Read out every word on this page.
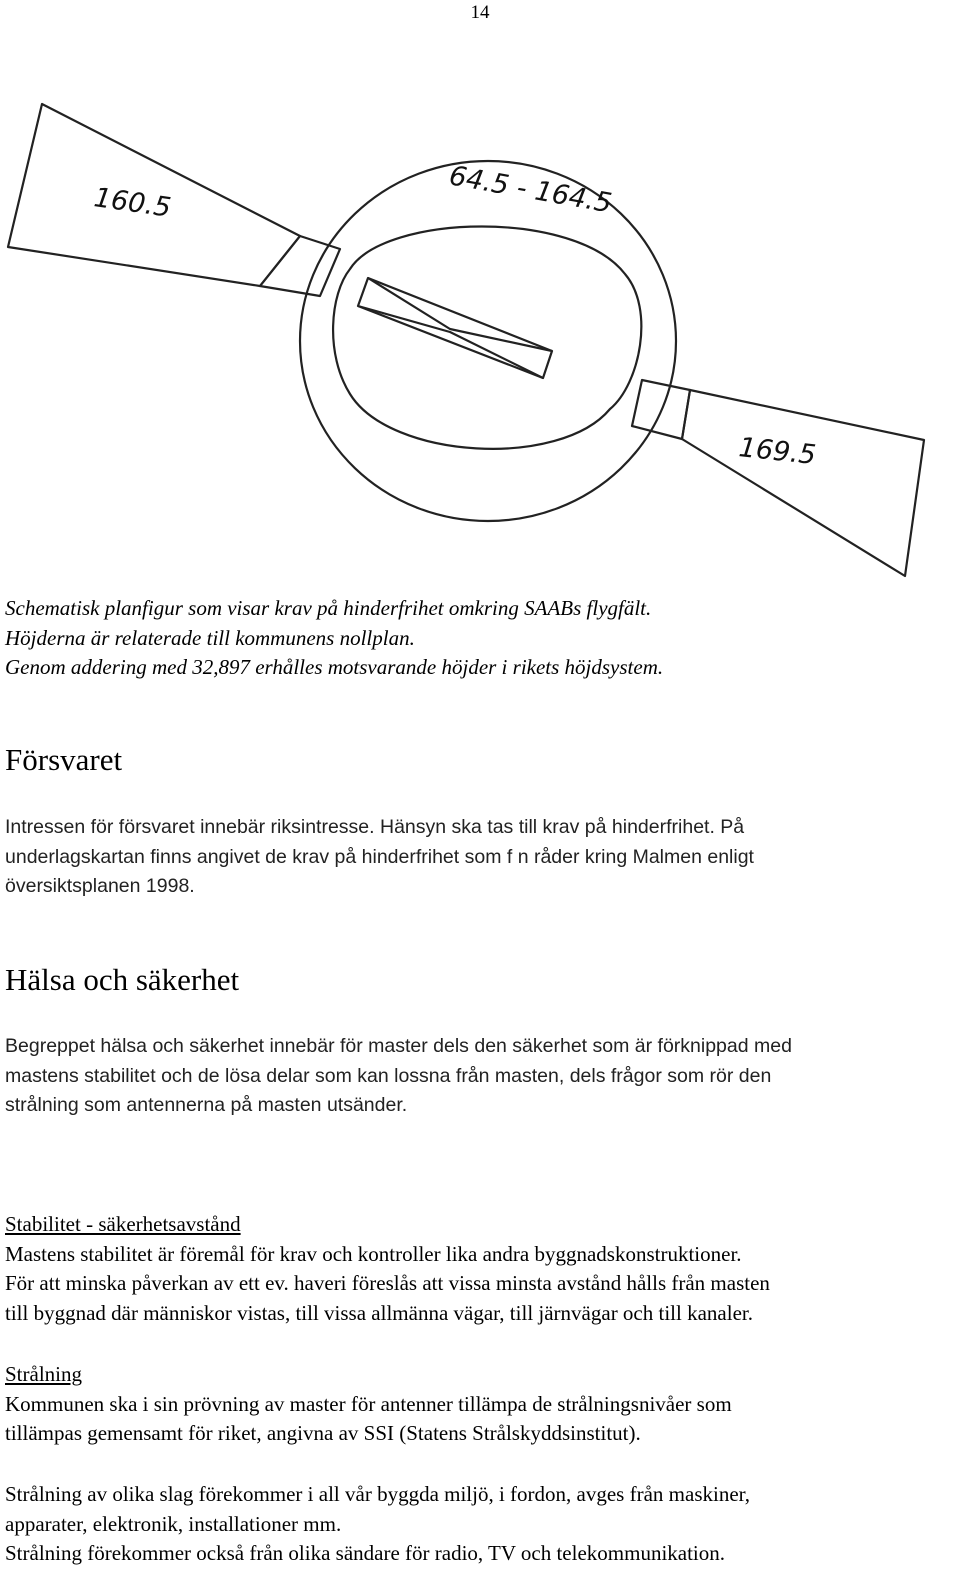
14
160.5	64.5 - 164.5
169.5
Schematisk planfigur som visar krav på hinderfrihet omkring SAABs flygfält.
Höjderna är relaterade till kommunens nollplan.
Genom addering med 32,897 erhålles motsvarande höjder i rikets höjdsystem.
Försvaret
Intressen för försvaret innebär riksintresse. Hänsyn ska tas till krav på hinderfrihet. På
underlagskartan finns angivet de krav på hinderfrihet som f n råder kring Malmen enligt
översiktsplanen 1998.
Hälsa och säkerhet
Begreppet hälsa och säkerhet innebär för master dels den säkerhet som är förknippad med
mastens stabilitet och de lösa delar som kan lossna från masten, dels frågor som rör den
strålning som antennerna på masten utsänder.
Stabilitet - säkerhetsavstånd
Mastens stabilitet är föremål för krav och kontroller lika andra byggnadskonstruktioner.
För att minska påverkan av ett ev. haveri föreslås att vissa minsta avstånd hålls från masten
till byggnad där människor vistas, till vissa allmänna vägar, till järnvägar och till kanaler.
Strålning
Kommunen ska i sin prövning av master för antenner tillämpa de strålningsnivåer som
tillämpas gemensamt för riket, angivna av SSI (Statens Strålskyddsinstitut).
Strålning av olika slag förekommer i all vår byggda miljö, i fordon, avges från maskiner,
apparater, elektronik, installationer mm.
Strålning förekommer också från olika sändare för radio, TV och telekommunikation.
